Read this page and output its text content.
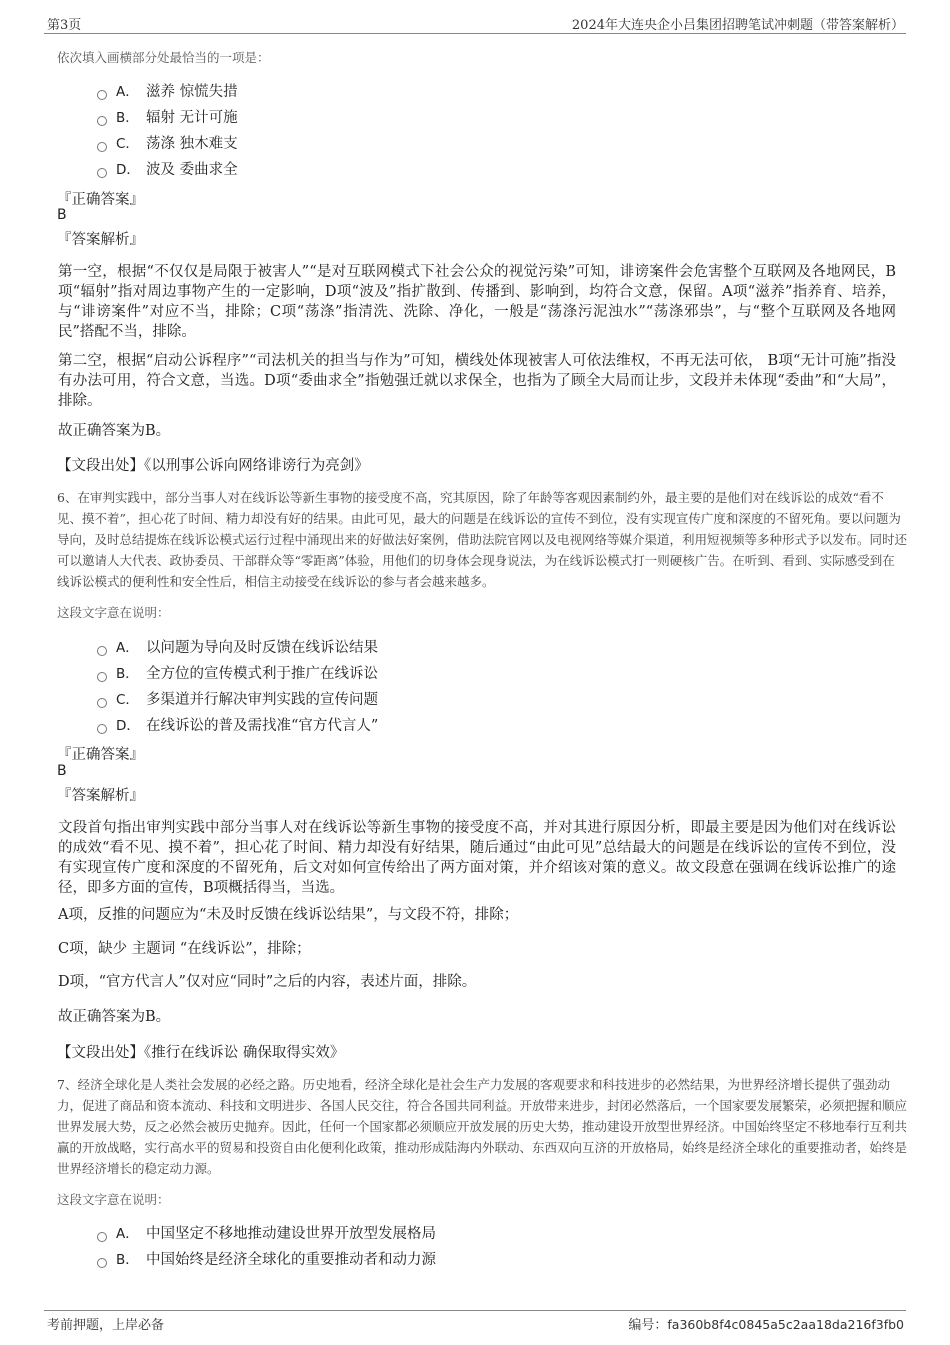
第3页	2024年大连央企小吕集团招聘笔试冲刺题（带答案解析）
依次填入画横部分处最恰当的一项是：
A． 滋养 惊慌失措
B． 辐射 无计可施
C． 荡涤 独木难支
D． 波及 委曲求全
『正确答案』
B
『答案解析』
第一空，根据“不仅仅是局限于被害人”“是对互联网模式下社会公众的视觉污染”可知，诽谤案件会危害整个互联网及各地网民，B项“辐射”指对周边事物产生的一定影响，D项“波及”指扩散到、传播到、影响到，均符合文意，保留。A项“滋养”指养育、培养，与“诽谤案件”对应不当，排除；C项“荡涤”指清洗、洗除、净化，一般是“荡涤污泥浊水”“荡涤邪祟”，与“整个互联网及各地网民”搭配不当，排除。
第二空，根据“启动公诉程序”“司法机关的担当与作为”可知，横线处体现被害人可依法维权，不再无法可依， B项“无计可施”指没有办法可用，符合文意，当选。D项“委曲求全”指勉强迁就以求保全，也指为了顾全大局而让步，文段并未体现“委曲”和“大局”，排除。
故正确答案为B。
【文段出处】《以刑事公诉向网络诽谤行为亮剑》
6、在审判实践中，部分当事人对在线诉讼等新生事物的接受度不高，究其原因，除了年龄等客观因素制约外，最主要的是他们对在线诉讼的成效“看不见、摸不着”，担心花了时间、精力却没有好的结果。由此可见，最大的问题是在线诉讼的宣传不到位，没有实现宣传广度和深度的不留死角。要以问题为导向，及时总结提炼在线诉讼模式运行过程中涌现出来的好做法好案例，借助法院官网以及电视网络等媒介渠道，利用短视频等多种形式予以发布。同时还可以邀请人大代表、政协委员、干部群众等“零距离”体验，用他们的切身体会现身说法，为在线诉讼模式打一则硬核广告。在听到、看到、实际感受到在线诉讼模式的便利性和安全性后，相信主动接受在线诉讼的参与者会越来越多。
这段文字意在说明：
A． 以问题为导向及时反馈在线诉讼结果
B． 全方位的宣传模式利于推广在线诉讼
C． 多渠道并行解决审判实践的宣传问题
D． 在线诉讼的普及需找准“官方代言人”
『正确答案』
B
『答案解析』
文段首句指出审判实践中部分当事人对在线诉讼等新生事物的接受度不高，并对其进行原因分析，即最主要是因为他们对在线诉讼的成效“看不见、摸不着”，担心花了时间、精力却没有好结果，随后通过“由此可见”总结最大的问题是在线诉讼的宣传不到位，没有实现宣传广度和深度的不留死角，后文对如何宣传给出了两方面对策，并介绍该对策的意义。故文段意在强调在线诉讼推广的途径，即多方面的宣传，B项概括得当，当选。
A项，反推的问题应为“未及时反馈在线诉讼结果”，与文段不符，排除；
C项，缺少 主题词 “在线诉讼”，排除；
D项，“官方代言人”仅对应“同时”之后的内容，表述片面，排除。
故正确答案为B。
【文段出处】《推行在线诉讼 确保取得实效》
7、经济全球化是人类社会发展的必经之路。历史地看，经济全球化是社会生产力发展的客观要求和科技进步的必然结果，为世界经济增长提供了强劲动力，促进了商品和资本流动、科技和文明进步、各国人民交往，符合各国共同利益。开放带来进步，封闭必然落后，一个国家要发展繁荣，必须把握和顺应世界发展大势，反之必然会被历史抛弃。因此，任何一个国家都必须顺应开放发展的历史大势，推动建设开放型世界经济。中国始终坚定不移地奉行互利共赢的开放战略，实行高水平的贸易和投资自由化便利化政策，推动形成陆海内外联动、东西双向互济的开放格局，始终是经济全球化的重要推动者，始终是世界经济增长的稳定动力源。
这段文字意在说明：
A． 中国坚定不移地推动建设世界开放型发展格局
B． 中国始终是经济全球化的重要推动者和动力源
考前押题，上岸必备	编号：fa360b8f4c0845a5c2aa18da216f3fb0
